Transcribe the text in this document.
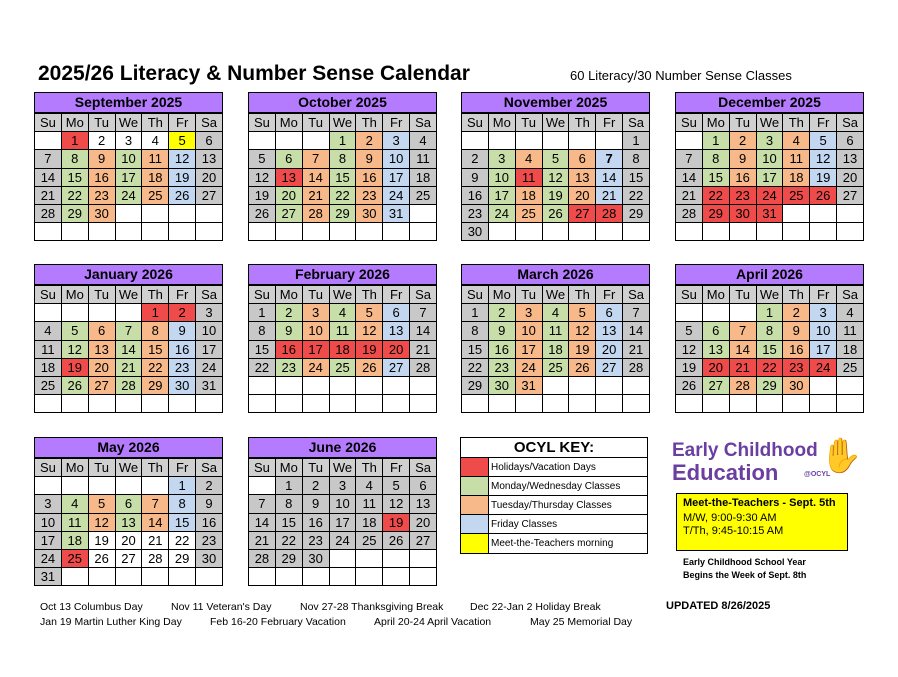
2025/26 Literacy & Number Sense Calendar	60 Literacy/30 Number Sense Classes
September 2025
Su	Mo	Tu	We	Th	Fr	Sa
	1	2	3	4	5	6
7	8	9	10	11	12	13
14	15	16	17	18	19	20
21	22	23	24	25	26	27
28	29	30				

October 2025
Su	Mo	Tu	We	Th	Fr	Sa
			1	2	3	4
5	6	7	8	9	10	11
12	13	14	15	16	17	18
19	20	21	22	23	24	25
26	27	28	29	30	31	

November 2025
Su	Mo	Tu	We	Th	Fr	Sa
						1
2	3	4	5	6	7	8
9	10	11	12	13	14	15
16	17	18	19	20	21	22
23	24	25	26	27	28	29
30						
December 2025
Su	Mo	Tu	We	Th	Fr	Sa
	1	2	3	4	5	6
7	8	9	10	11	12	13
14	15	16	17	18	19	20
21	22	23	24	25	26	27
28	29	30	31			

January 2026
Su	Mo	Tu	We	Th	Fr	Sa
				1	2	3
4	5	6	7	8	9	10
11	12	13	14	15	16	17
18	19	20	21	22	23	24
25	26	27	28	29	30	31

February 2026
Su	Mo	Tu	We	Th	Fr	Sa
1	2	3	4	5	6	7
8	9	10	11	12	13	14
15	16	17	18	19	20	21
22	23	24	25	26	27	28

March 2026
Su	Mo	Tu	We	Th	Fr	Sa
1	2	3	4	5	6	7
8	9	10	11	12	13	14
15	16	17	18	19	20	21
22	23	24	25	26	27	28
29	30	31				

April 2026
Su	Mo	Tu	We	Th	Fr	Sa
			1	2	3	4
5	6	7	8	9	10	11
12	13	14	15	16	17	18
19	20	21	22	23	24	25
26	27	28	29	30		

May 2026
Su	Mo	Tu	We	Th	Fr	Sa
					1	2
3	4	5	6	7	8	9
10	11	12	13	14	15	16
17	18	19	20	21	22	23
24	25	26	27	28	29	30
31						
June 2026
Su	Mo	Tu	We	Th	Fr	Sa
	1	2	3	4	5	6
7	8	9	10	11	12	13
14	15	16	17	18	19	20
21	22	23	24	25	26	27
28	29	30				

OCYL KEY:
Holidays/Vacation Days
Monday/Wednesday Classes
Tuesday/Thursday Classes
Friday Classes
Meet-the-Teachers morning
Early Childhood
Education	@OCYL
✋
Meet-the-Teachers - Sept. 5th
M/W, 9:00-9:30 AM
T/Th, 9:45-10:15 AM
Early Childhood School Year
Begins the Week of Sept. 8th
Oct 13 Columbus Day	Nov 11 Veteran's Day	Nov 27-28 Thanksgiving Break	Dec 22-Jan 2 Holiday Break
Jan 19 Martin Luther King Day	Feb 16-20 February Vacation	April 20-24 April Vacation	May 25 Memorial Day
UPDATED 8/26/2025
